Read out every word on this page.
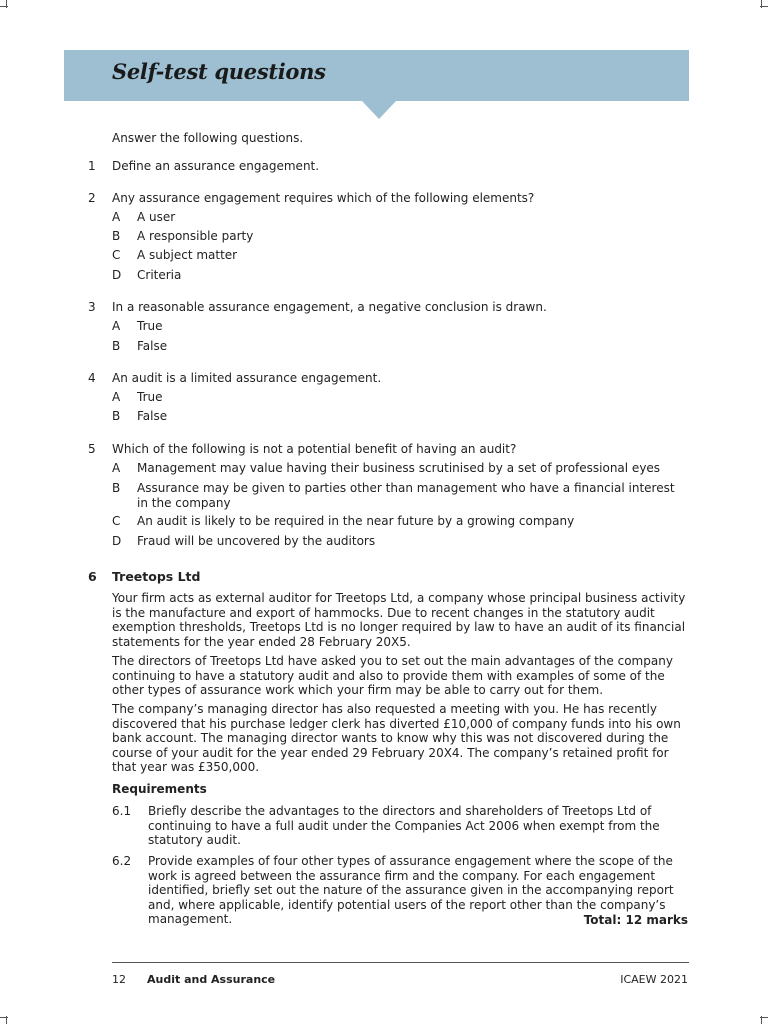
Self-test questions
Answer the following questions.
1 Define an assurance engagement.
2 Any assurance engagement requires which of the following elements?
A A user
B A responsible party
C A subject matter
D Criteria
3 In a reasonable assurance engagement, a negative conclusion is drawn.
A True
B False
4 An audit is a limited assurance engagement.
A True
B False
5 Which of the following is not a potential benefit of having an audit?
A Management may value having their business scrutinised by a set of professional eyes
B Assurance may be given to parties other than management who have a financial interest in the company
C An audit is likely to be required in the near future by a growing company
D Fraud will be uncovered by the auditors
6 Treetops Ltd
Your firm acts as external auditor for Treetops Ltd, a company whose principal business activity is the manufacture and export of hammocks. Due to recent changes in the statutory audit exemption thresholds, Treetops Ltd is no longer required by law to have an audit of its financial statements for the year ended 28 February 20X5.
The directors of Treetops Ltd have asked you to set out the main advantages of the company continuing to have a statutory audit and also to provide them with examples of some of the other types of assurance work which your firm may be able to carry out for them.
The company’s managing director has also requested a meeting with you. He has recently discovered that his purchase ledger clerk has diverted £10,000 of company funds into his own bank account. The managing director wants to know why this was not discovered during the course of your audit for the year ended 29 February 20X4. The company’s retained profit for that year was £350,000.
Requirements
6.1 Briefly describe the advantages to the directors and shareholders of Treetops Ltd of continuing to have a full audit under the Companies Act 2006 when exempt from the statutory audit.
6.2 Provide examples of four other types of assurance engagement where the scope of the work is agreed between the assurance firm and the company. For each engagement identified, briefly set out the nature of the assurance given in the accompanying report and, where applicable, identify potential users of the report other than the company’s management.	Total: 12 marks
12 Audit and Assurance	ICAEW 2021
